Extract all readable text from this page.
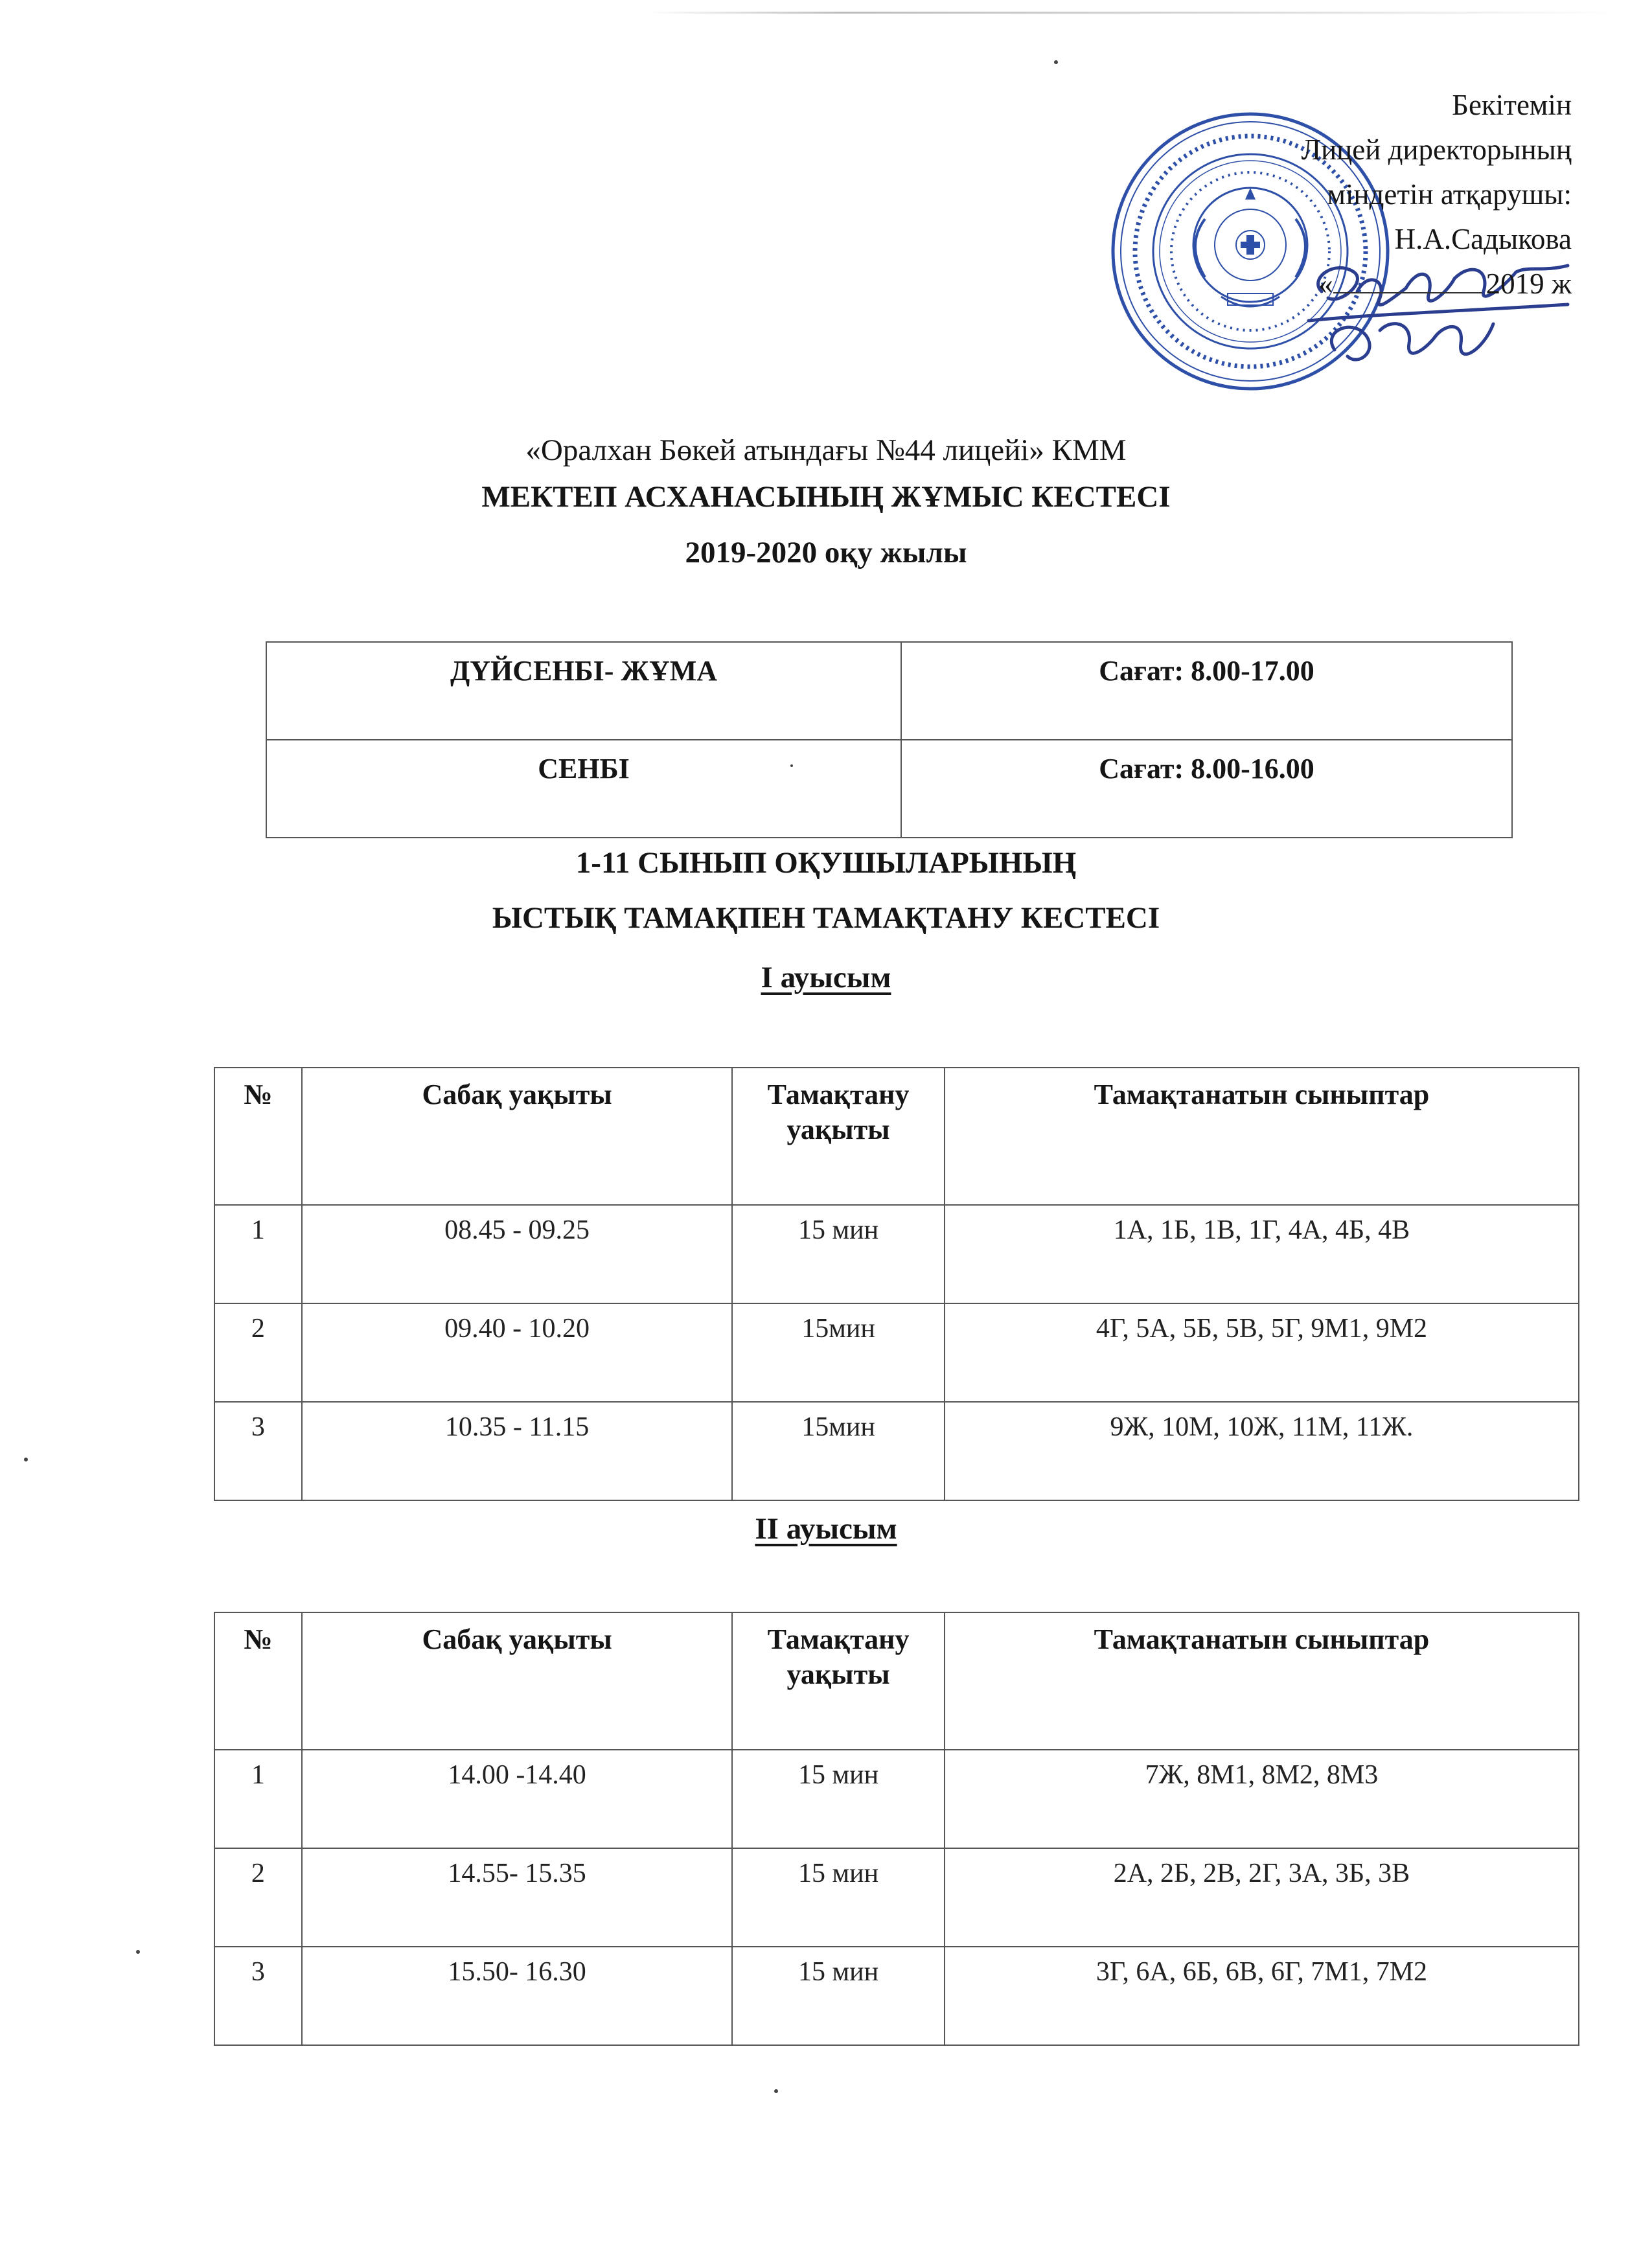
Бекітемін
Лицей директорының
міндетін атқарушы:
Н.А.Садыкова
«	2019 ж
«Оралхан Бөкей атындағы №44 лицейі» КММ
МЕКТЕП АСХАНАСЫНЫҢ ЖҰМЫС КЕСТЕСІ
2019-2020 оқу жылы
ДҮЙСЕНБІ- ЖҰМА	Сағат: 8.00-17.00
СЕНБІ	Сағат: 8.00-16.00
1-11 СЫНЫП ОҚУШЫЛАРЫНЫҢ
ЫСТЫҚ ТАМАҚПЕН ТАМАҚТАНУ КЕСТЕСІ
I ауысым
№	Сабақ уақыты	Тамақтану уақыты	Тамақтанатын сыныптар
1	08.45 - 09.25	15 мин	1А, 1Б, 1В, 1Г, 4А, 4Б, 4В
2	09.40 - 10.20	15мин	4Г, 5А, 5Б, 5В, 5Г, 9М1, 9М2
3	10.35 - 11.15	15мин	9Ж, 10М, 10Ж, 11М, 11Ж.
II ауысым
№	Сабақ уақыты	Тамақтану уақыты	Тамақтанатын сыныптар
1	14.00 -14.40	15 мин	7Ж, 8М1, 8М2, 8М3
2	14.55- 15.35	15 мин	2А, 2Б, 2В, 2Г, 3А, 3Б, 3В
3	15.50- 16.30	15 мин	3Г, 6А, 6Б, 6В, 6Г, 7М1, 7М2
